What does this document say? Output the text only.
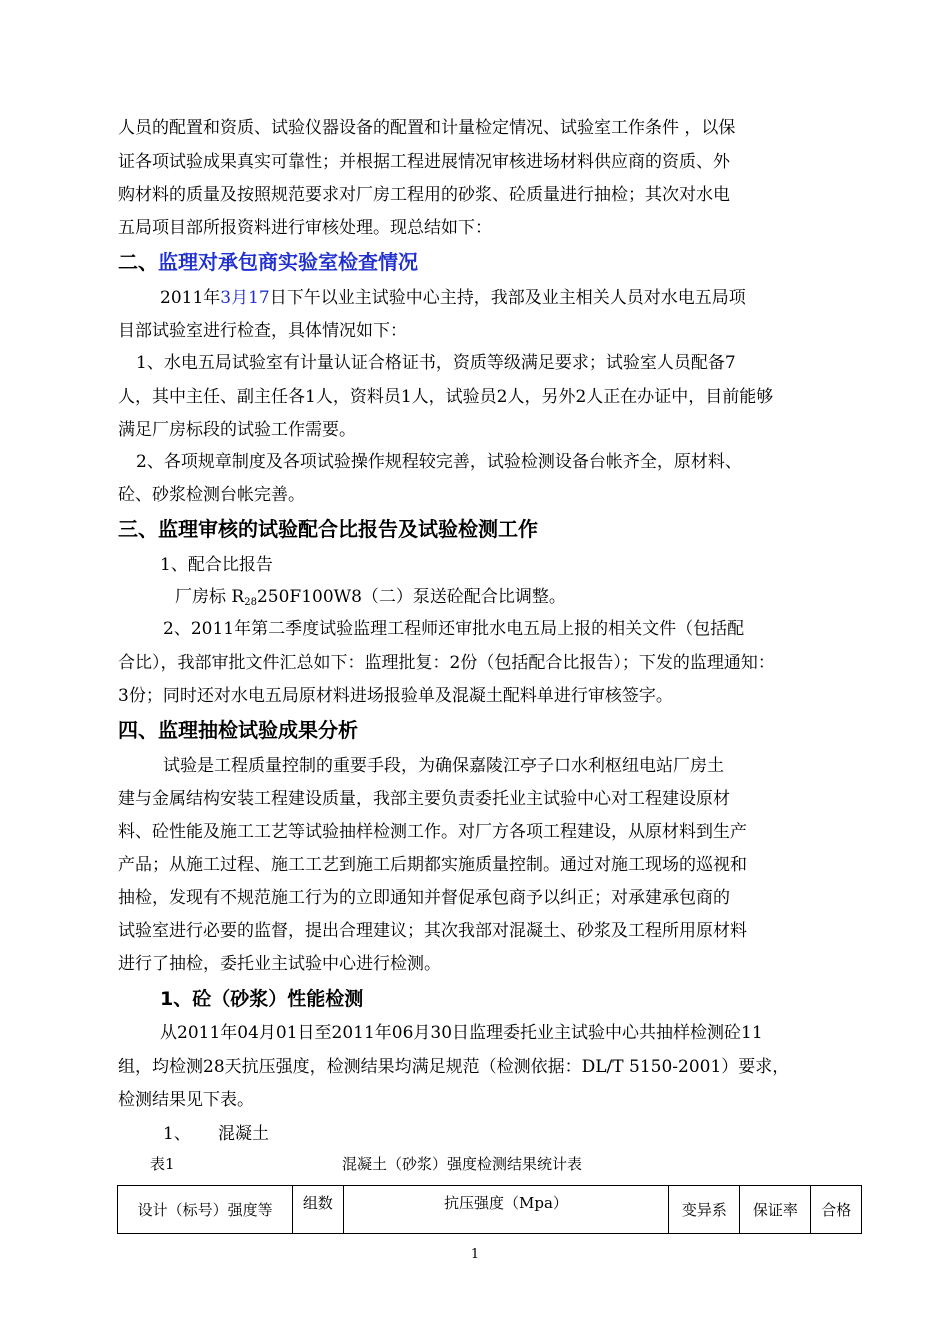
人员的配置和资质、试验仪器设备的配置和计量检定情况、试验室工作条件 ，以保
证各项试验成果真实可靠性；并根据工程进展情况审核进场材料供应商的资质、外
购材料的质量及按照规范要求对厂房工程用的砂浆、砼质量进行抽检；其次对水电
五局项目部所报资料进行审核处理。现总结如下：
二、监理对承包商实验室检查情况
2011年3月17日下午以业主试验中心主持，我部及业主相关人员对水电五局项
目部试验室进行检查，具体情况如下：
1、水电五局试验室有计量认证合格证书，资质等级满足要求；试验室人员配备7
人，其中主任、副主任各1人，资料员1人，试验员2人，另外2人正在办证中，目前能够
满足厂房标段的试验工作需要。
2、各项规章制度及各项试验操作规程较完善，试验检测设备台帐齐全，原材料、
砼、砂浆检测台帐完善。
三、监理审核的试验配合比报告及试验检测工作
1、配合比报告
厂房标 $R_{28}250F100W8$（二）泵送砼配合比调整。
2、2011年第二季度试验监理工程师还审批水电五局上报的相关文件（包括配
合比），我部审批文件汇总如下：监理批复：2份（包括配合比报告）；下发的监理通知：
3份；同时还对水电五局原材料进场报验单及混凝土配料单进行审核签字。
四、监理抽检试验成果分析
试验是工程质量控制的重要手段，为确保嘉陵江亭子口水利枢纽电站厂房土
建与金属结构安装工程建设质量，我部主要负责委托业主试验中心对工程建设原材
料、砼性能及施工工艺等试验抽样检测工作。对厂方各项工程建设，从原材料到生产
产品；从施工过程、施工工艺到施工后期都实施质量控制。通过对施工现场的巡视和
抽检，发现有不规范施工行为的立即通知并督促承包商予以纠正；对承建承包商的
试验室进行必要的监督，提出合理建议；其次我部对混凝土、砂浆及工程所用原材料
进行了抽检，委托业主试验中心进行检测。
1、砼（砂浆）性能检测
从2011年04月01日至2011年06月30日监理委托业主试验中心共抽样检测砼11
组，均检测28天抗压强度，检测结果均满足规范（检测依据：DL/T 5150-2001）要求，
检测结果见下表。
1、 混凝土
表1	混凝土（砂浆）强度检测结果统计表
设计（标号）强度等	组数	抗压强度（Mpa）	变异系	保证率	合格
1
